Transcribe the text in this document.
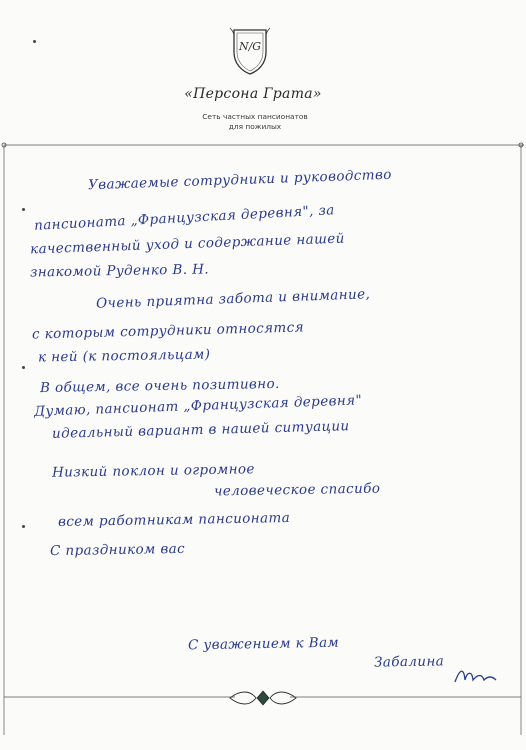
N/G
«Персона Грата»
Сеть частных пансионатов
для пожилых

Уважаемые сотрудники и руководство

пансионата „Французская деревня", за

качественный уход и содержание нашей

знакомой Руденко В. Н.

Очень приятна забота и внимание,

с которым сотрудники относятся

к ней (к постояльцам)

В общем, все очень позитивно.

Думаю, пансионат „Французская деревня"

идеальный вариант в нашей ситуации

Низкий поклон и огромное

человеческое спасибо

всем работникам пансионата

С праздником вас

С уважением к Вам

Забалина
